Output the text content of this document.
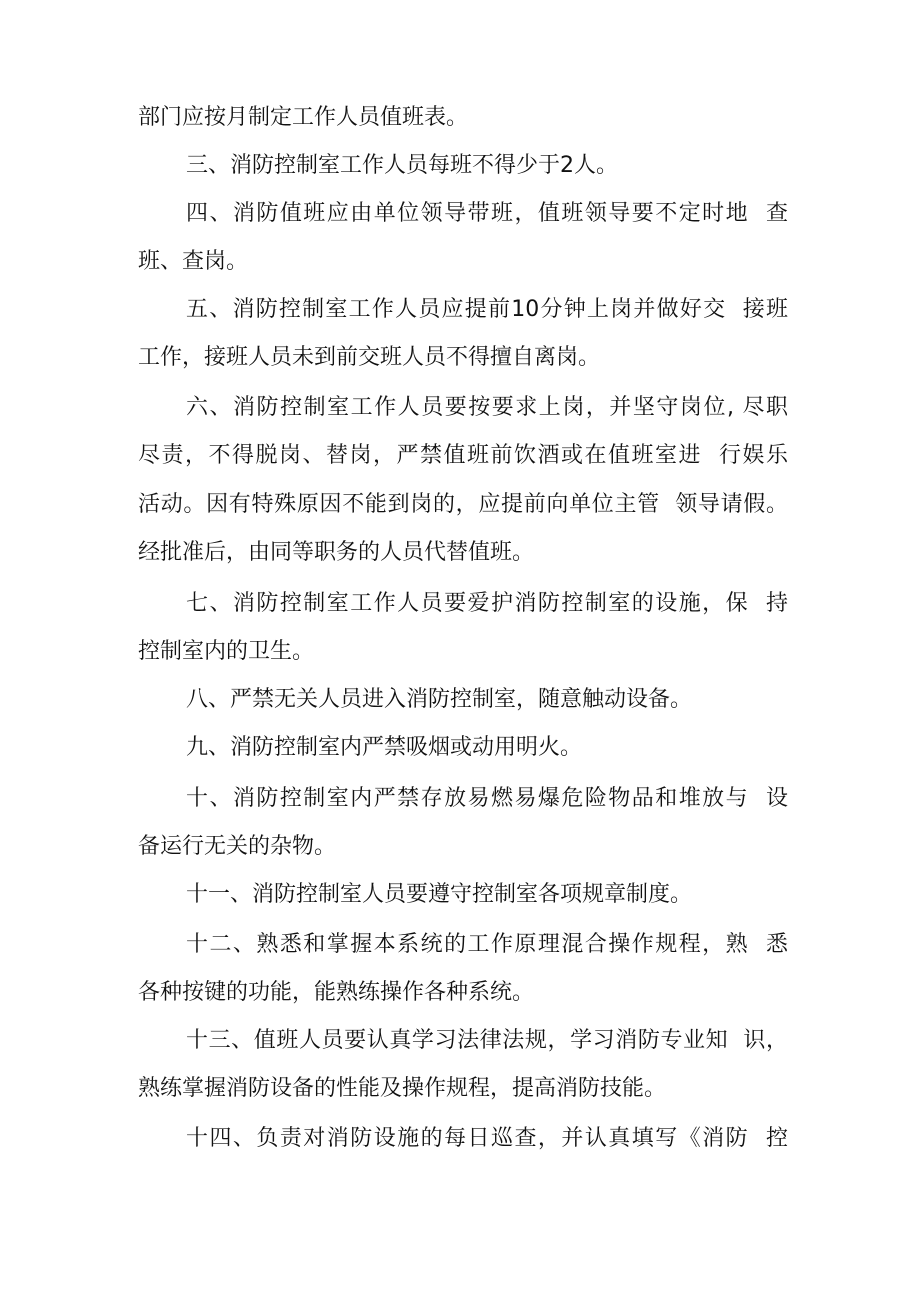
部门应按月制定工作人员值班表。
三、消防控制室工作人员每班不得少于2人。
四、消防值班应由单位领导带班，值班领导要不定时地  查
班、查岗。
五、消防控制室工作人员应提前10分钟上岗并做好交  接班
工作，接班人员未到前交班人员不得擅自离岗。
六、消防控制室工作人员要按要求上岗，并坚守岗位, 尽职
尽责，不得脱岗、替岗，严禁值班前饮酒或在值班室进  行娱乐
活动。因有特殊原因不能到岗的，应提前向单位主管  领导请假。
经批准后，由同等职务的人员代替值班。
七、消防控制室工作人员要爱护消防控制室的设施，保  持
控制室内的卫生。
八、严禁无关人员进入消防控制室，随意触动设备。
九、消防控制室内严禁吸烟或动用明火。
十、消防控制室内严禁存放易燃易爆危险物品和堆放与  设
备运行无关的杂物。
十一、消防控制室人员要遵守控制室各项规章制度。
十二、熟悉和掌握本系统的工作原理混合操作规程，熟  悉
各种按键的功能，能熟练操作各种系统。
十三、值班人员要认真学习法律法规，学习消防专业知  识，
熟练掌握消防设备的性能及操作规程，提高消防技能。
十四、负责对消防设施的每日巡查，并认真填写《消防  控
